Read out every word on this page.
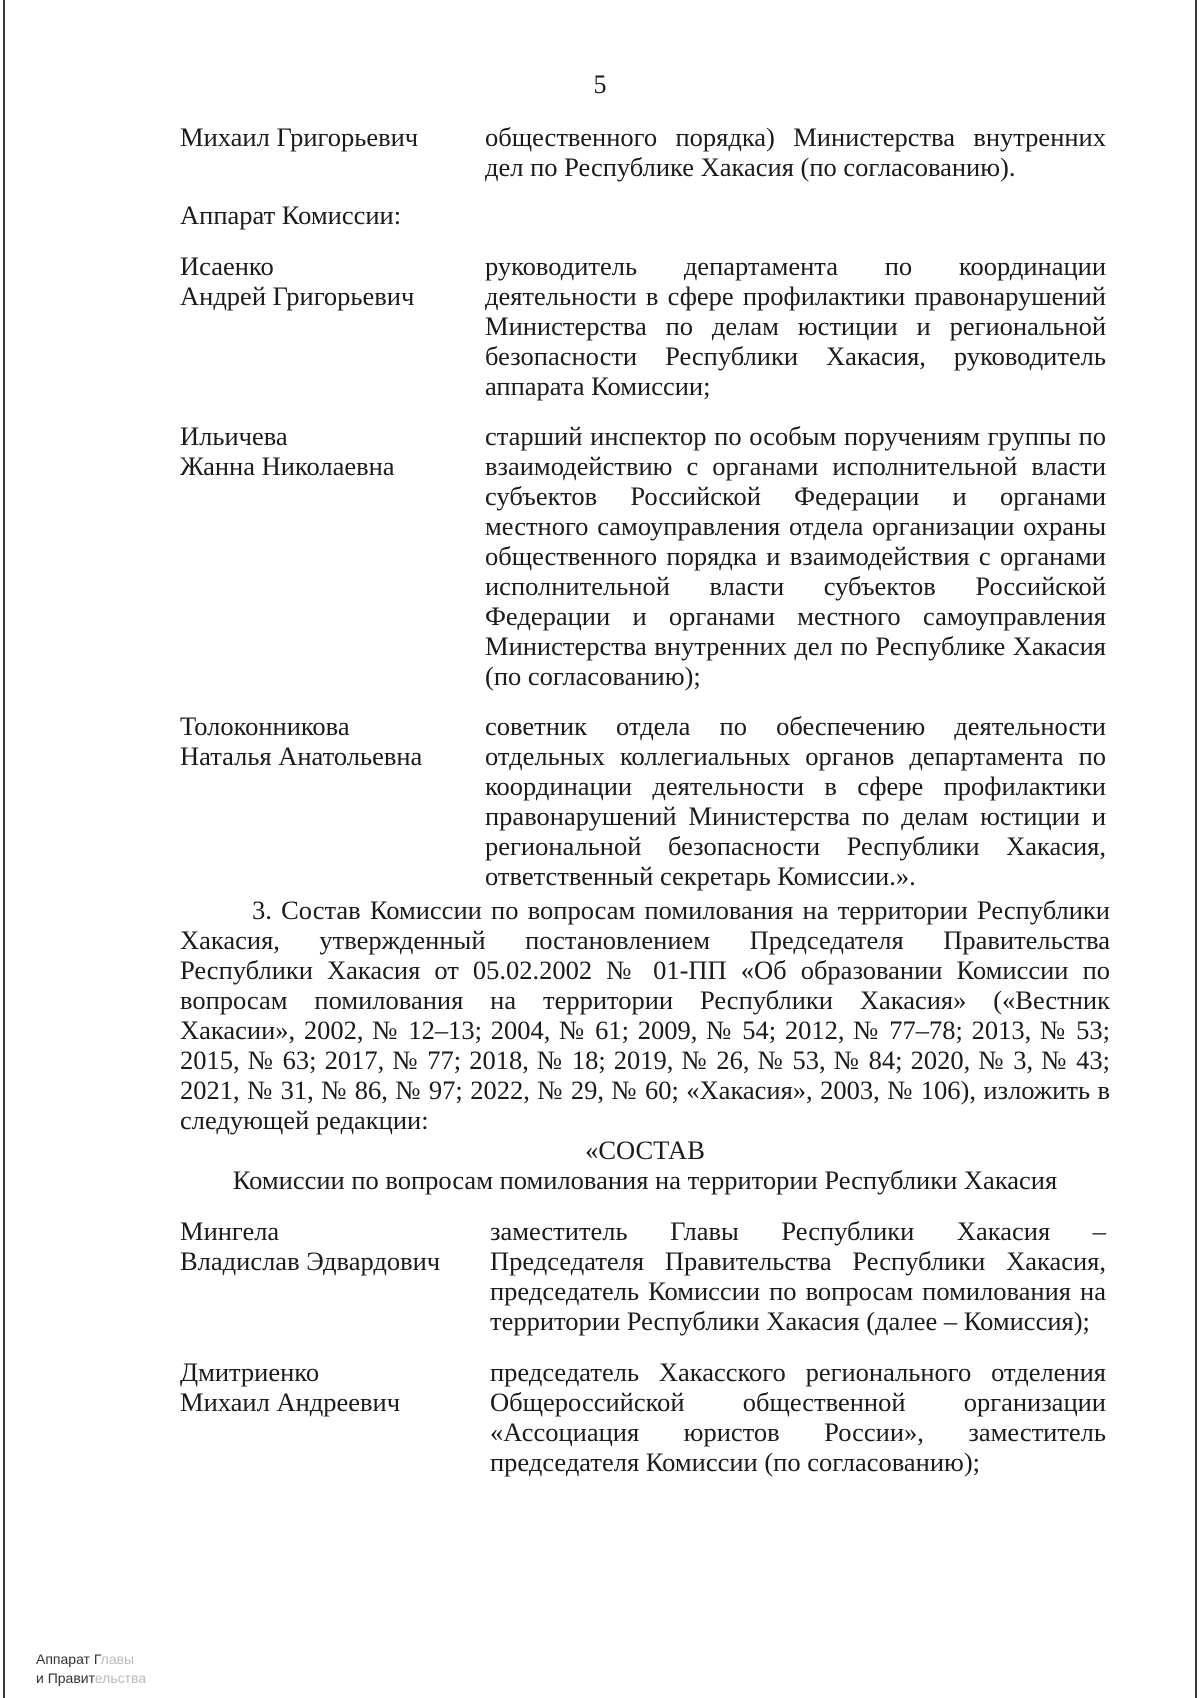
5
Михаил Григорьевич	общественного порядка) Министерства внутренних дел по Республике Хакасия (по согласованию).
Аппарат Комиссии:
Исаенко
Андрей Григорьевич
руководитель департамента по координации деятельности в сфере профилактики правонарушений Министерства по делам юстиции и региональной безопасности Республики Хакасия, руководитель аппарата Комиссии;
Ильичева
Жанна Николаевна
старший инспектор по особым поручениям группы по взаимодействию с органами исполнительной власти субъектов Российской Федерации и органами местного самоуправления отдела организации охраны общественного порядка и взаимодействия с органами исполнительной власти субъектов Российской Федерации и органами местного самоуправления Министерства внутренних дел по Республике Хакасия (по согласованию);
Толоконникова
Наталья Анатольевна
советник отдела по обеспечению деятельности отдельных коллегиальных органов департамента по координации деятельности в сфере профилактики правонарушений Министерства по делам юстиции и региональной безопасности Республики Хакасия, ответственный секретарь Комиссии.».
3. Состав Комиссии по вопросам помилования на территории Республики Хакасия, утвержденный постановлением Председателя Правительства Республики Хакасия от 05.02.2002 № 01-ПП «Об образовании Комиссии по вопросам помилования на территории Республики Хакасия» («Вестник Хакасии», 2002, № 12–13; 2004, № 61; 2009, № 54; 2012, № 77–78; 2013, № 53; 2015, № 63; 2017, № 77; 2018, № 18; 2019, № 26, № 53, № 84; 2020, № 3, № 43; 2021, № 31, № 86, № 97; 2022, № 29, № 60; «Хакасия», 2003, № 106), изложить в следующей редакции:
«СОСТАВ
Комиссии по вопросам помилования на территории Республики Хакасия
Мингела
Владислав Эдвардович
заместитель Главы Республики Хакасия – Председателя Правительства Республики Хакасия, председатель Комиссии по вопросам помилования на территории Республики Хакасия (далее – Комиссия);
Дмитриенко
Михаил Андреевич
председатель Хакасского регионального отделения Общероссийской общественной организации «Ассоциация юристов России», заместитель председателя Комиссии (по согласованию);
Аппарат Главы
и Правительства
